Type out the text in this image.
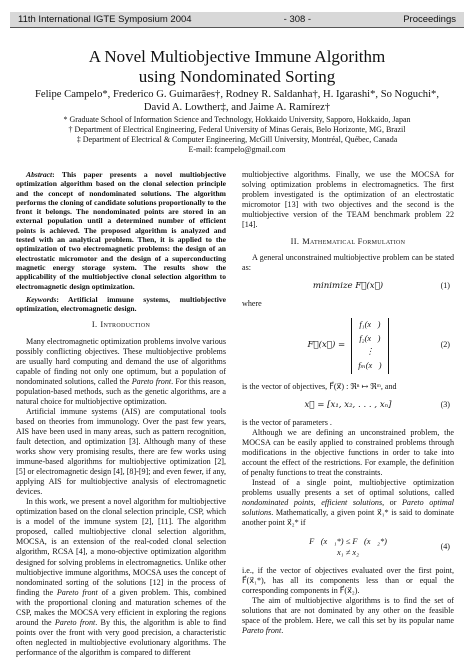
11th International IGTE Symposium 2004	- 308 -	Proceedings
A Novel Multiobjective Immune Algorithm
using Nondominated Sorting
Felipe Campelo*, Frederico G. Guimarães†, Rodney R. Saldanha†, H. Igarashi*, So Noguchi*,
David A. Lowther‡, and Jaime A. Ramírez†
* Graduate School of Information Science and Technology, Hokkaido University, Sapporo, Hokkaido, Japan
† Department of Electrical Engineering, Federal University of Minas Gerais, Belo Horizonte, MG, Brazil
‡ Department of Electrical & Computer Engineering, McGill University, Montréal, Québec, Canada
E-mail: fcampelo@gmail.com

Abstract: This paper presents a novel multiobjective optimization algorithm based on the clonal selection principle and the concept of nondominated solutions. The algorithm performs the cloning of candidate solutions proportionally to the front it belongs. The nondominated points are stored in an external population until a determined number of efficient points is achieved. The proposed algorithm is analyzed and tested with an analytical problem. Then, it is applied to the optimization of two electromagnetic problems: the design of an electrostatic micromotor and the design of a superconducting magnetic energy storage system. The results show the applicability of the multiobjective clonal selection algorithm to electromagnetic design optimization.

Keywords: Artificial immune systems, multiobjective optimization, electromagnetic design.

I. Introduction

Many electromagnetic optimization problems involve various possibly conflicting objectives. These multiobjective problems are usually hard computing and demand the use of algorithms capable of finding not only one optimum, but a population of nondominated solutions, called the Pareto front. For this reason, population-based methods, such as the genetic algorithms, are a natural choice for multiobjective optimization.

Artificial immune systems (AIS) are computational tools based on theories from immunology. Over the past few years, AIS have been used in many areas, such as pattern recognition, fault detection, and optimization [3]. Although many of these works show very promising results, there are few works using immune-based algorithms for multiobjective optimization [2], [5] or electromagnetic design [4], [8]-[9]; and even fewer, if any, applying AIS for multiobjective analysis of electromagnetic devices.

In this work, we present a novel algorithm for multiobjective optimization based on the clonal selection principle, CSP, which is a model of the immune system [2], [11]. The algorithm proposed, called multiobjective clonal selection algorithm, MOCSA, is an extension of the real-coded clonal selection algorithm, RCSA [4], a mono-objective optimization algorithm designed for solving problems in electromagnetics. Unlike other multiobjective immune algorithms, MOCSA uses the concept of nondominated sorting of the solutions [12] in the process of finding the Pareto front of a given problem. This, combined with the proportional cloning and maturation schemes of the CSP, makes the MOCSA very efficient in exploring the regions around the Pareto front. By this, the algorithm is able to find points over the front with very good precision, a characteristic often neglected in multiobjective evolutionary algorithms. The performance of the algorithm is compared to different

multiobjective algorithms. Finally, we use the MOCSA for solving optimization problems in electromagnetics. The first problem investigated is the optimization of an electrostatic micromotor [13] with two objectives and the second is the multiobjective version of the TEAM benchmark problem 22 [14].

II. Mathematical Formulation

A general unconstrained multiobjective problem can be stated as:

minimize F⃗(x⃗)	(1)

where

F⃗(x⃗) =
f₁(x⃗)
f₂(x⃗)
⋮
fₘ(x⃗)
(2)

is the vector of objectives, F⃗(x⃗) : ℜⁿ ↦ ℜᵐ, and

x⃗ = [x₁, x₂, . . . , xₙ]	(3)

is the vector of parameters .

Although we are defining an unconstrained problem, the MOCSA can be easily applied to constrained problems through modifications in the objective functions in order to take into account the effect of the restrictions. For example, the definition of penalty functions to treat the constraints.

Instead of a single point, multiobjective optimization problems usually presents a set of optimal solutions, called nondominated points, efficient solutions, or Pareto optimal solutions. Mathematically, a given point x⃗₁* is said to dominate another point x⃗₂* if

F⃗(x⃗₁*) ≤ F⃗(x⃗₂*)
x₁ ≠ x₂
(4)

i.e., if the vector of objectives evaluated over the first point, F⃗(x⃗₁*), has all its components less than or equal the corresponding components in F⃗(x⃗₂).

The aim of multiobjective algorithms is to find the set of solutions that are not dominated by any other on the feasible space of the problem. Here, we call this set by its popular name Pareto front.
